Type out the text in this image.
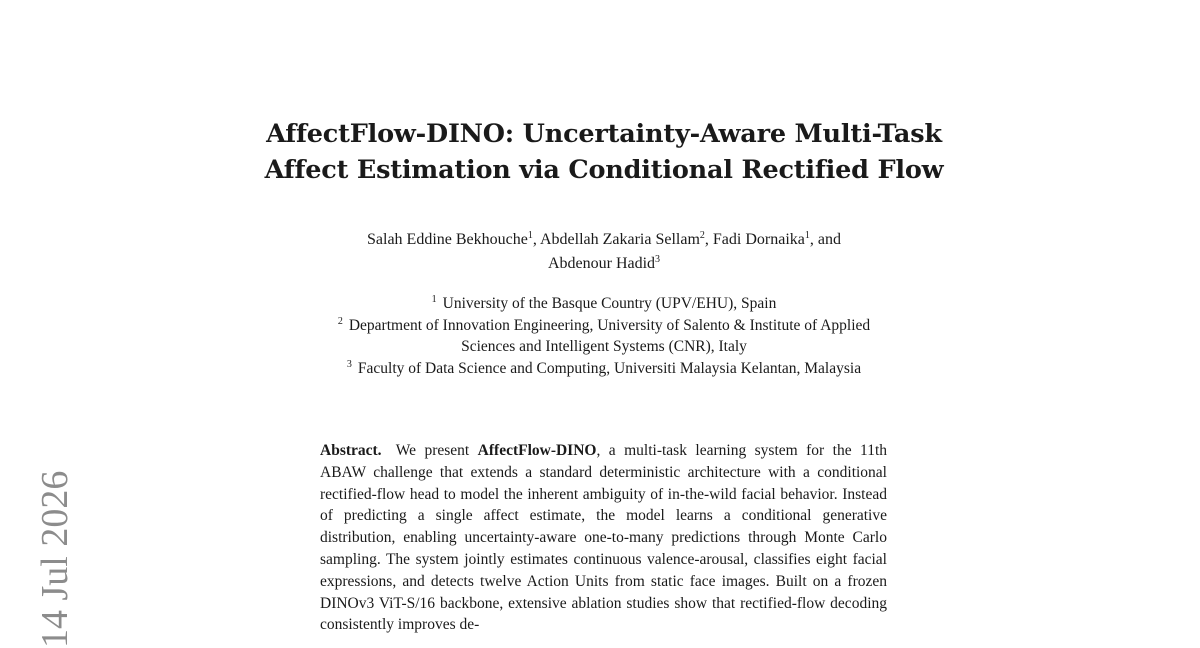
14 Jul 2026
AffectFlow-DINO: Uncertainty-Aware Multi-Task
Affect Estimation via Conditional Rectified Flow
Salah Eddine Bekhouche$^1$, Abdellah Zakaria Sellam$^2$, Fadi Dornaika$^1$, and
Abdenour Hadid$^3$
$^1$ University of the Basque Country (UPV/EHU), Spain
$^2$ Department of Innovation Engineering, University of Salento & Institute of Applied
Sciences and Intelligent Systems (CNR), Italy
$^3$ Faculty of Data Science and Computing, Universiti Malaysia Kelantan, Malaysia
Abstract. We present AffectFlow-DINO, a multi-task learning system for the 11th ABAW challenge that extends a standard deterministic architecture with a conditional rectified-flow head to model the inherent ambiguity of in-the-wild facial behavior. Instead of predicting a single affect estimate, the model learns a conditional generative distribution, enabling uncertainty-aware one-to-many predictions through Monte Carlo sampling. The system jointly estimates continuous valence-arousal, classifies eight facial expressions, and detects twelve Action Units from static face images. Built on a frozen DINOv3 ViT-S/16 backbone, extensive ablation studies show that rectified-flow decoding consistently improves de-
